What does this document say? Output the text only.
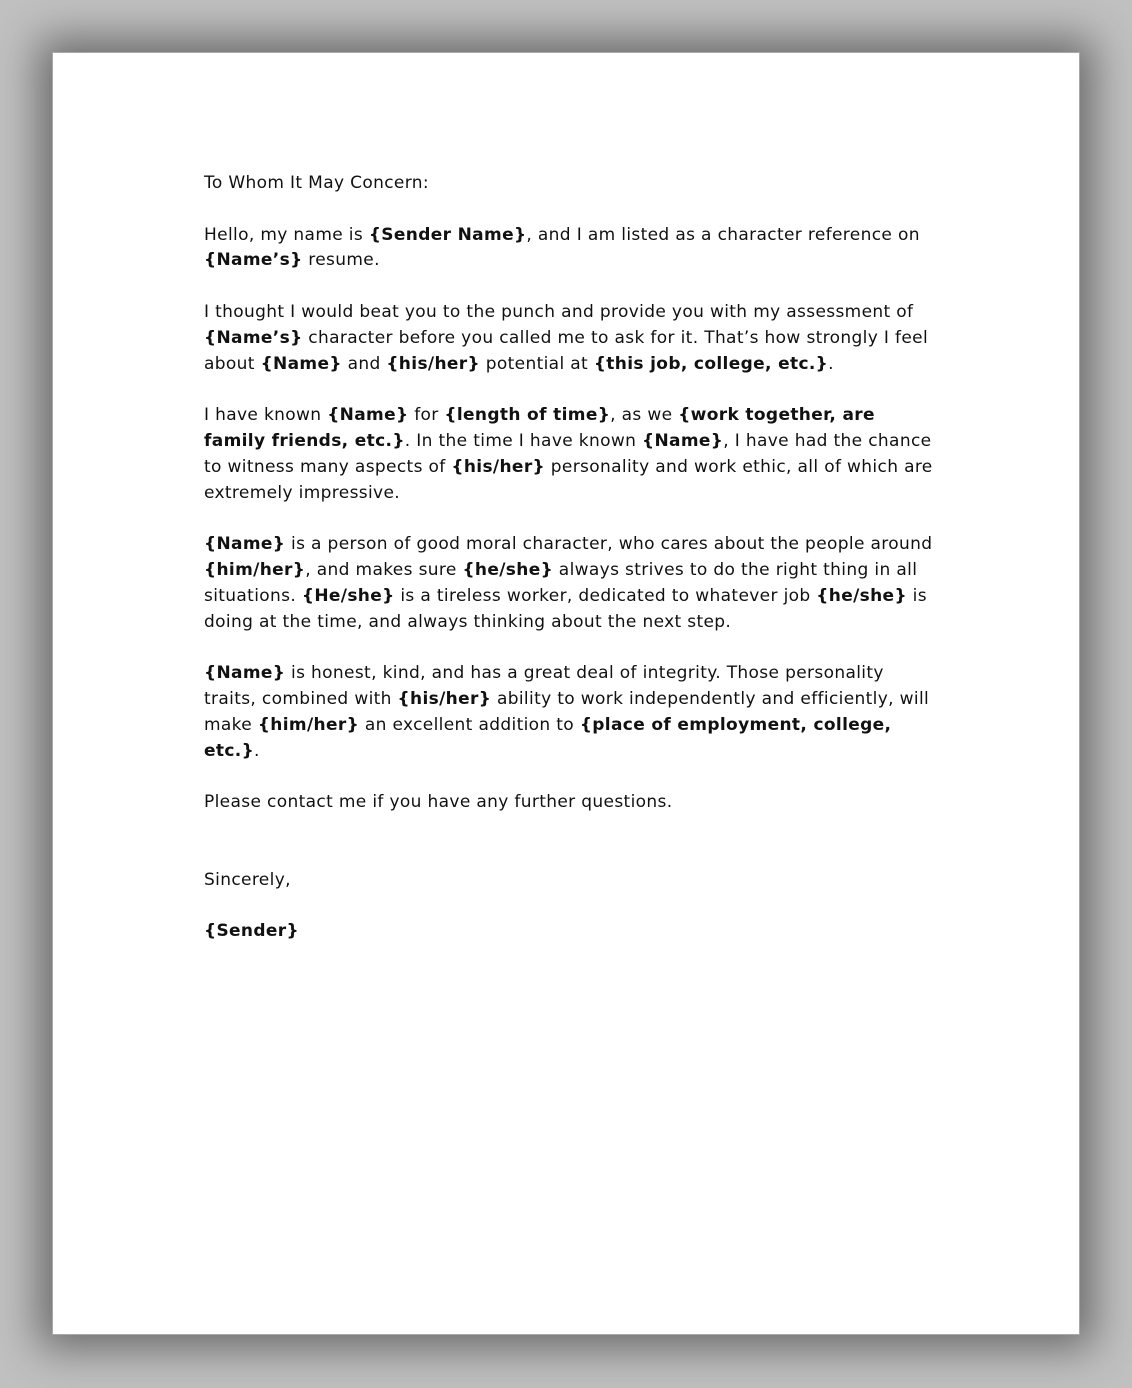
To Whom It May Concern:

Hello, my name is {Sender Name}, and I am listed as a character reference on {Name’s} resume.

I thought I would beat you to the punch and provide you with my assessment of {Name’s} character before you called me to ask for it. That’s how strongly I feel about {Name} and {his/her} potential at {this job, college, etc.}.

I have known {Name} for {length of time}, as we {work together, are family friends, etc.}. In the time I have known {Name}, I have had the chance to witness many aspects of {his/her} personality and work ethic, all of which are extremely impressive.

{Name} is a person of good moral character, who cares about the people around {him/her}, and makes sure {he/she} always strives to do the right thing in all situations. {He/she} is a tireless worker, dedicated to whatever job {he/she} is doing at the time, and always thinking about the next step.

{Name} is honest, kind, and has a great deal of integrity. Those personality traits, combined with {his/her} ability to work independently and efficiently, will make {him/her} an excellent addition to {place of employment, college, etc.}.

Please contact me if you have any further questions.

Sincerely,

{Sender}
